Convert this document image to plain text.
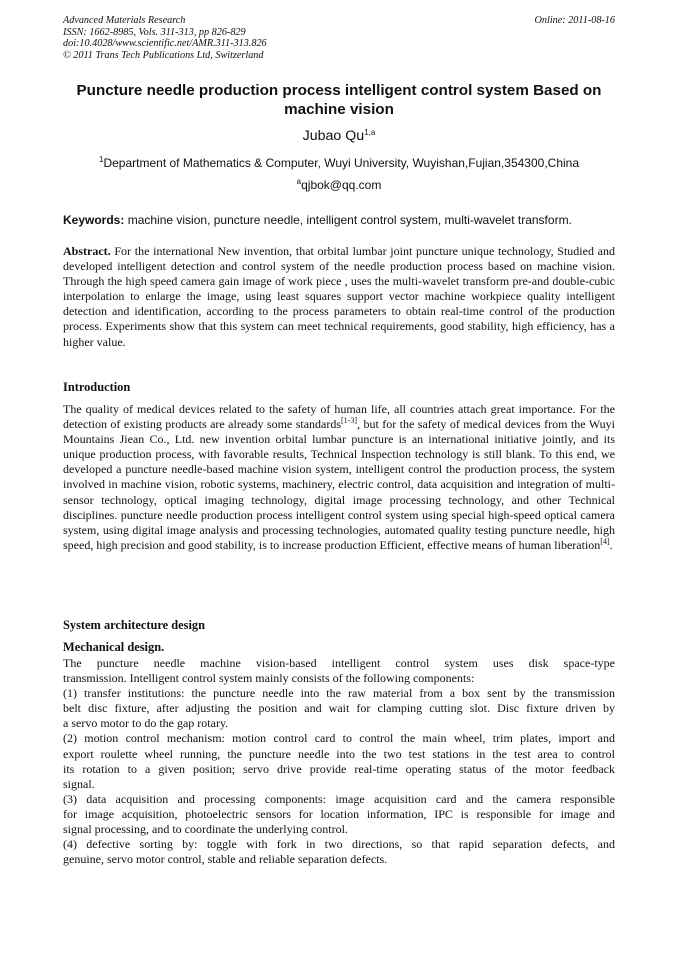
Advanced Materials Research
ISSN: 1662-8985, Vols. 311-313, pp 826-829
doi:10.4028/www.scientific.net/AMR.311-313.826
© 2011 Trans Tech Publications Ltd, Switzerland
Online: 2011-08-16
Puncture needle production process intelligent control system Based on machine vision
Jubao Qu$^{1,a}$
$^1$Department of Mathematics & Computer, Wuyi University, Wuyishan,Fujian,354300,China
$^a$qjbok@qq.com
Keywords: machine vision, puncture needle, intelligent control system, multi-wavelet transform.
Abstract. For the international New invention, that orbital lumbar joint puncture unique technology, Studied and developed intelligent detection and control system of the needle production process based on machine vision. Through the high speed camera gain image of work piece , uses the multi-wavelet transform pre-and double-cubic interpolation to enlarge the image, using least squares support vector machine workpiece quality intelligent detection and identification, according to the process parameters to obtain real-time control of the production process. Experiments show that this system can meet technical requirements, good stability, high efficiency, has a higher value.
Introduction
The quality of medical devices related to the safety of human life, all countries attach great importance. For the detection of existing products are already some standards[1-3], but for the safety of medical devices from the Wuyi Mountains Jiean Co., Ltd. new invention orbital lumbar puncture is an international initiative jointly, and its unique production process, with favorable results, Technical Inspection technology is still blank. To this end, we developed a puncture needle-based machine vision system, intelligent control the production process, the system involved in machine vision, robotic systems, machinery, electric control, data acquisition and integration of multi-sensor technology, optical imaging technology, digital image processing technology, and other Technical disciplines. puncture needle production process intelligent control system using special high-speed optical camera system, using digital image analysis and processing technologies, automated quality testing puncture needle, high speed, high precision and good stability, is to increase production Efficient, effective means of human liberation[4].
System architecture design
Mechanical design.
The puncture needle machine vision-based intelligent control system uses disk space-type
transmission. Intelligent control system mainly consists of the following components:
(1) transfer institutions: the puncture needle into the raw material from a box sent by the transmission
belt disc fixture, after adjusting the position and wait for clamping cutting slot. Disc fixture driven by
a servo motor to do the gap rotary.
(2) motion control mechanism: motion control card to control the main wheel, trim plates, import and
export roulette wheel running, the puncture needle into the two test stations in the test area to control
its rotation to a given position; servo drive provide real-time operating status of the motor feedback
signal.
(3) data acquisition and processing components: image acquisition card and the camera responsible
for image acquisition, photoelectric sensors for location information, IPC is responsible for image and
signal processing, and to coordinate the underlying control.
(4) defective sorting by: toggle with fork in two directions, so that rapid separation defects, and
genuine, servo motor control, stable and reliable separation defects.
